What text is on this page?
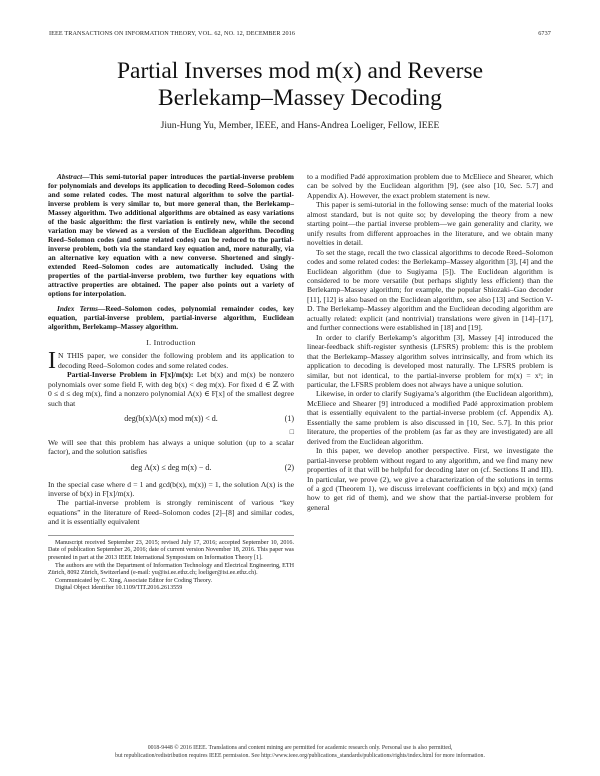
IEEE TRANSACTIONS ON INFORMATION THEORY, VOL. 62, NO. 12, DECEMBER 2016	6737
Partial Inverses mod m(x) and Reverse
Berlekamp–Massey Decoding
Jiun-Hung Yu, Member, IEEE, and Hans-Andrea Loeliger, Fellow, IEEE

Abstract—This semi-tutorial paper introduces the partial-inverse problem for polynomials and develops its application to decoding Reed–Solomon codes and some related codes. The most natural algorithm to solve the partial-inverse problem is very similar to, but more general than, the Berlekamp–Massey algorithm. Two additional algorithms are obtained as easy variations of the basic algorithm: the first variation is entirely new, while the second variation may be viewed as a version of the Euclidean algorithm. Decoding Reed–Solomon codes (and some related codes) can be reduced to the partial-inverse problem, both via the standard key equation and, more naturally, via an alternative key equation with a new converse. Shortened and singly-extended Reed–Solomon codes are automatically included. Using the properties of the partial-inverse problem, two further key equations with attractive properties are obtained. The paper also points out a variety of options for interpolation.

Index Terms—Reed–Solomon codes, polynomial remainder codes, key equation, partial-inverse problem, partial-inverse algorithm, Euclidean algorithm, Berlekamp–Massey algorithm.

I. Introduction

I N THIS paper, we consider the following problem and its application to decoding Reed–Solomon codes and some related codes.

Partial-Inverse Problem in F[x]/m(x): Let b(x) and m(x) be nonzero polynomials over some field F, with deg b(x) < deg m(x). For fixed d ∈ ℤ with 0 ≤ d ≤ deg m(x), find a nonzero polynomial Λ(x) ∈ F[x] of the smallest degree such that

deg(b(x)Λ(x) mod m(x)) < d.	(1)
□

We will see that this problem has always a unique solution (up to a scalar factor), and the solution satisfies

deg Λ(x) ≤ deg m(x) − d.	(2)

In the special case where d = 1 and gcd(b(x), m(x)) = 1, the solution Λ(x) is the inverse of b(x) in F[x]/m(x).

The partial-inverse problem is strongly reminiscent of various “key equations” in the literature of Reed–Solomon codes [2]–[8] and similar codes, and it is essentially equivalent

Manuscript received September 23, 2015; revised July 17, 2016; accepted September 10, 2016. Date of publication September 26, 2016; date of current version November 18, 2016. This paper was presented in part at the 2013 IEEE International Symposium on Information Theory [1].

The authors are with the Department of Information Technology and Electrical Engineering, ETH Zürich, 8092 Zürich, Switzerland (e-mail: yu@isi.ee.ethz.ch; loeliger@isi.ee.ethz.ch).

Communicated by C. Xing, Associate Editor for Coding Theory.

Digital Object Identifier 10.1109/TIT.2016.2613559

to a modified Padé approximation problem due to McEliece and Shearer, which can be solved by the Euclidean algorithm [9], (see also [10, Sec. 5.7] and Appendix A). However, the exact problem statement is new.

This paper is semi-tutorial in the following sense: much of the material looks almost standard, but is not quite so; by developing the theory from a new starting point—the partial inverse problem—we gain generality and clarity, we unify results from different approaches in the literature, and we obtain many novelties in detail.

To set the stage, recall the two classical algorithms to decode Reed–Solomon codes and some related codes: the Berlekamp–Massey algorithm [3], [4] and the Euclidean algorithm (due to Sugiyama [5]). The Euclidean algorithm is considered to be more versatile (but perhaps slightly less efficient) than the Berlekamp–Massey algorithm; for example, the popular Shiozaki–Gao decoder [11], [12] is also based on the Euclidean algorithm, see also [13] and Section V-D. The Berlekamp–Massey algorithm and the Euclidean decoding algorithm are actually related: explicit (and nontrivial) translations were given in [14]–[17], and further connections were established in [18] and [19].

In order to clarify Berlekamp’s algorithm [3], Massey [4] introduced the linear-feedback shift-register synthesis (LFSRS) problem: this is the problem that the Berlekamp–Massey algorithm solves intrinsically, and from which its application to decoding is developed most naturally. The LFSRS problem is similar, but not identical, to the partial-inverse problem for m(x) = xᵛ; in particular, the LFSRS problem does not always have a unique solution.

Likewise, in order to clarify Sugiyama’s algorithm (the Euclidean algorithm), McEliece and Shearer [9] introduced a modified Padé approximation problem that is essentially equivalent to the partial-inverse problem (cf. Appendix A). Essentially the same problem is also discussed in [10, Sec. 5.7]. In this prior literature, the properties of the problem (as far as they are investigated) are all derived from the Euclidean algorithm.

In this paper, we develop another perspective. First, we investigate the partial-inverse problem without regard to any algorithm, and we find many new properties of it that will be helpful for decoding later on (cf. Sections II and III). In particular, we prove (2), we give a characterization of the solutions in terms of a gcd (Theorem 1), we discuss irrelevant coefficients in b(x) and m(x) (and how to get rid of them), and we show that the partial-inverse problem for general

0018-9448 © 2016 IEEE. Translations and content mining are permitted for academic research only. Personal use is also permitted,
but republication/redistribution requires IEEE permission. See http://www.ieee.org/publications_standards/publications/rights/index.html for more information.
